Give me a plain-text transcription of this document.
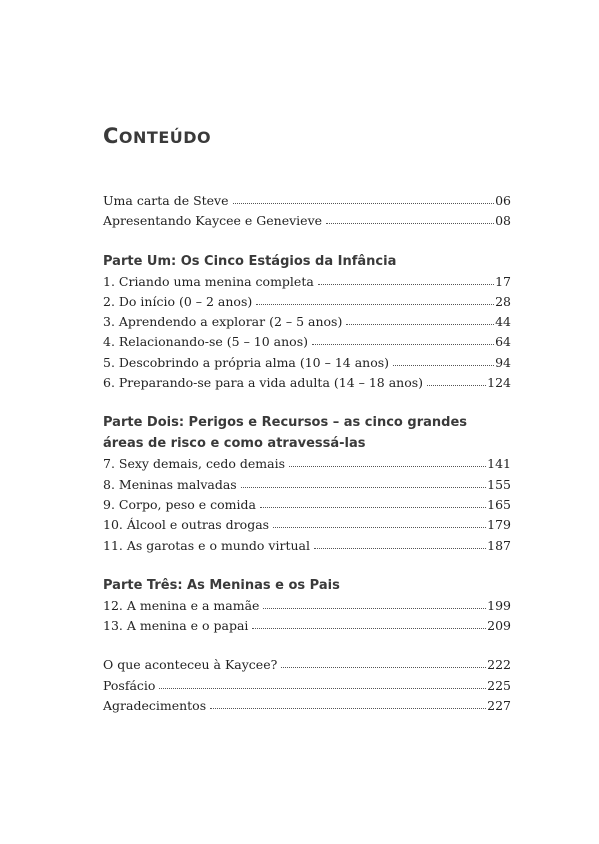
CONTEÚDO
Uma carta de Steve	06
Apresentando Kaycee e Genevieve	08
Parte Um: Os Cinco Estágios da Infância
1. Criando uma menina completa	17
2. Do início (0 – 2 anos)	28
3. Aprendendo a explorar (2 – 5 anos)	44
4. Relacionando-se (5 – 10 anos)	64
5. Descobrindo a própria alma (10 – 14 anos)	94
6. Preparando-se para a vida adulta (14 – 18 anos)	124
Parte Dois: Perigos e Recursos – as cinco grandes áreas de risco e como atravessá-las
7. Sexy demais, cedo demais	141
8. Meninas malvadas	155
9. Corpo, peso e comida	165
10. Álcool e outras drogas	179
11. As garotas e o mundo virtual	187
Parte Três: As Meninas e os Pais
12. A menina e a mamãe	199
13. A menina e o papai	209
O que aconteceu à Kaycee?	222
Posfácio	225
Agradecimentos	227
